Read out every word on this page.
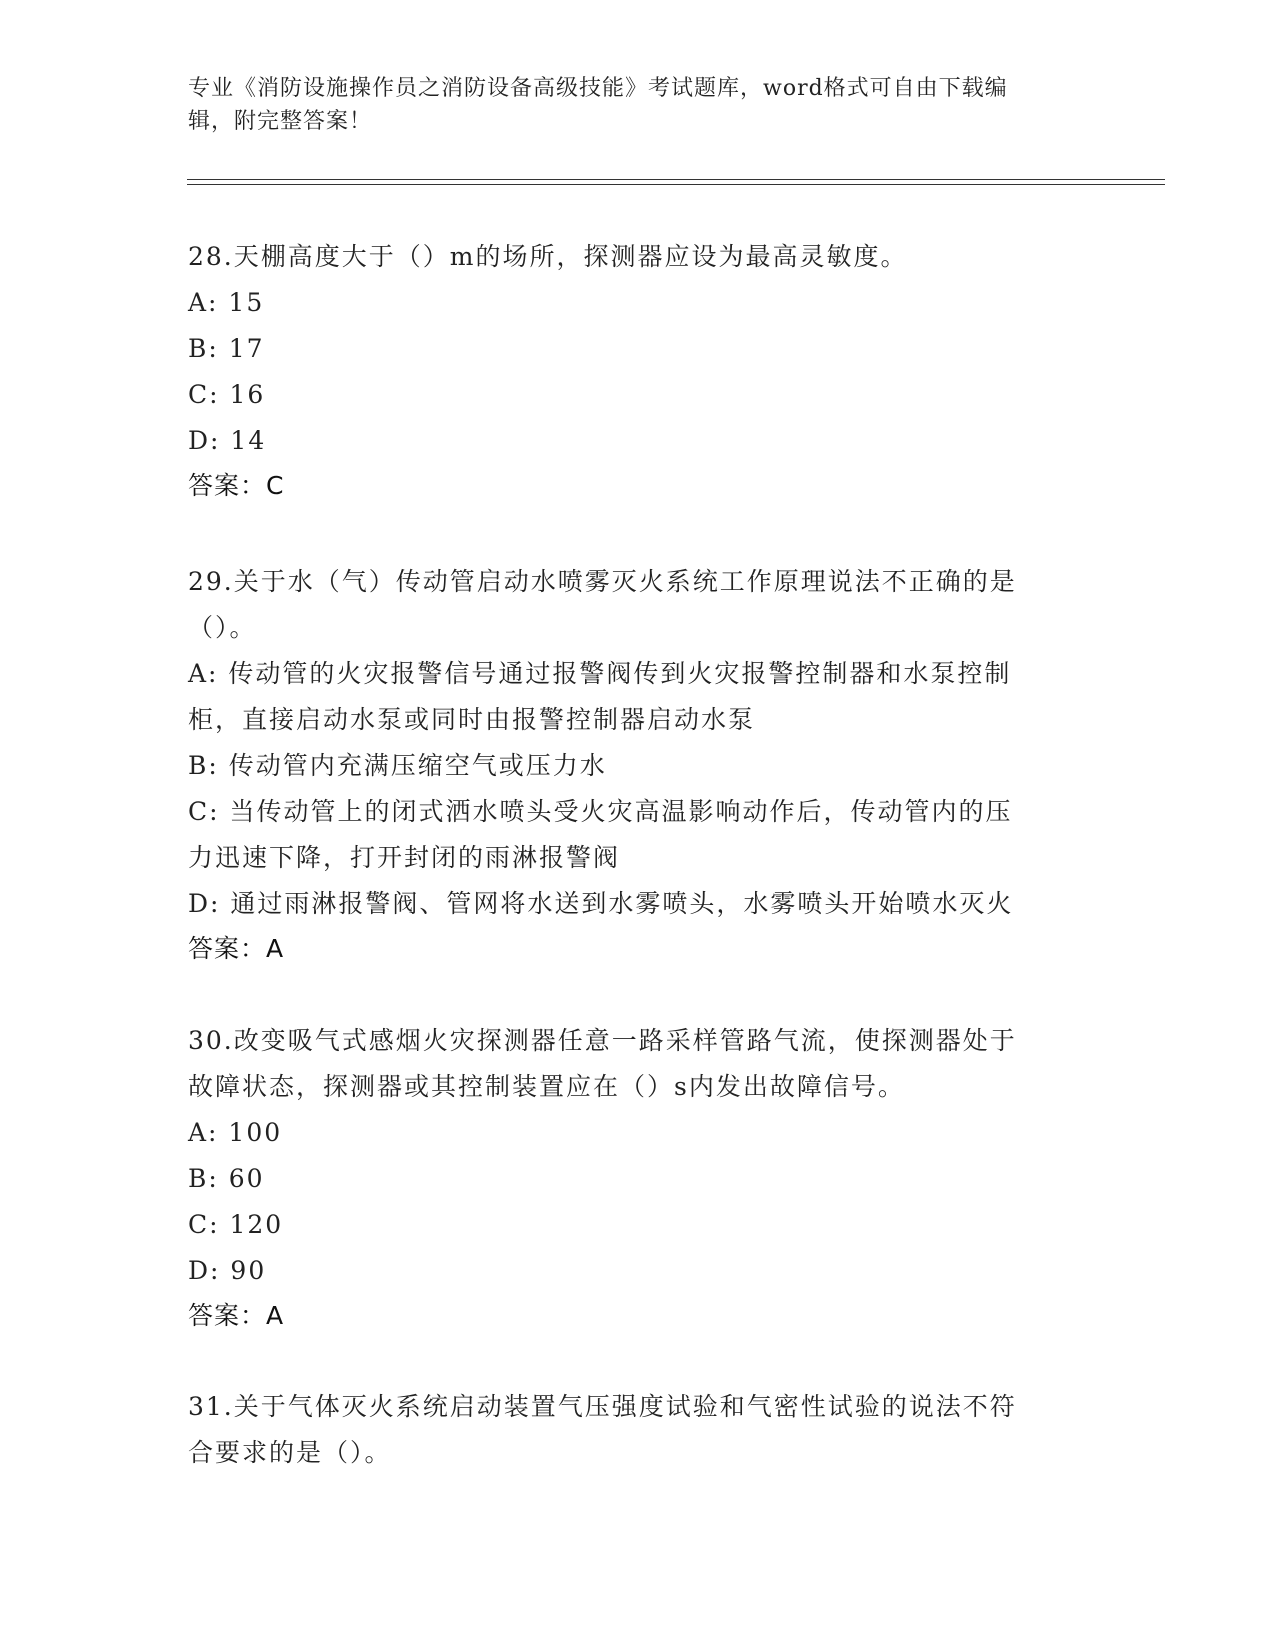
专业《消防设施操作员之消防设备高级技能》考试题库，word格式可自由下载编
辑，附完整答案！
28.天棚高度大于（）m的场所，探测器应设为最高灵敏度。
A: 15
B: 17
C: 16
D: 14
答案：C
29.关于水（气）传动管启动水喷雾灭火系统工作原理说法不正确的是
（）。
A: 传动管的火灾报警信号通过报警阀传到火灾报警控制器和水泵控制
柜，直接启动水泵或同时由报警控制器启动水泵
B: 传动管内充满压缩空气或压力水
C: 当传动管上的闭式洒水喷头受火灾高温影响动作后，传动管内的压
力迅速下降，打开封闭的雨淋报警阀
D: 通过雨淋报警阀、管网将水送到水雾喷头，水雾喷头开始喷水灭火
答案：A
30.改变吸气式感烟火灾探测器任意一路采样管路气流，使探测器处于
故障状态，探测器或其控制装置应在（）s内发出故障信号。
A: 100
B: 60
C: 120
D: 90
答案：A
31.关于气体灭火系统启动装置气压强度试验和气密性试验的说法不符
合要求的是（）。
